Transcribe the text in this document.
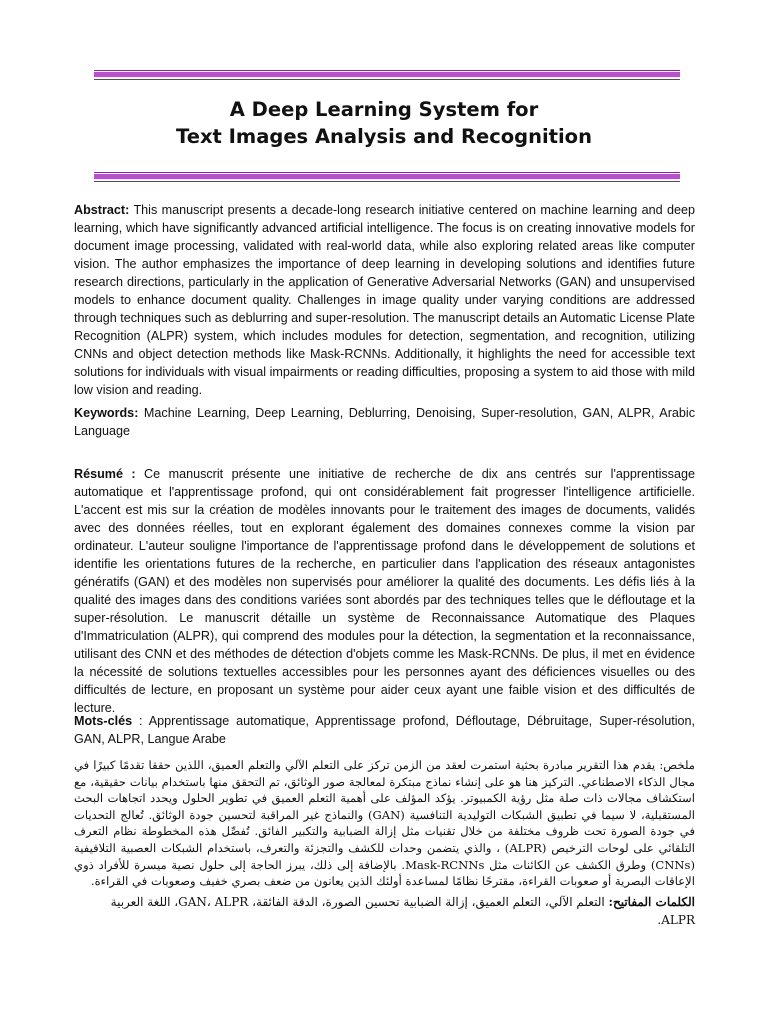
A Deep Learning System for
Text Images Analysis and Recognition

Abstract: This manuscript presents a decade-long research initiative centered on machine learning and deep learning, which have significantly advanced artificial intelligence. The focus is on creating innovative models for document image processing, validated with real-world data, while also exploring related areas like computer vision. The author emphasizes the importance of deep learning in developing solutions and identifies future research directions, particularly in the application of Generative Adversarial Networks (GAN) and unsupervised models to enhance document quality. Challenges in image quality under varying conditions are addressed through techniques such as deblurring and super-resolution. The manuscript details an Automatic License Plate Recognition (ALPR) system, which includes modules for detection, segmentation, and recognition, utilizing CNNs and object detection methods like Mask-RCNNs. Additionally, it highlights the need for accessible text solutions for individuals with visual impairments or reading difficulties, proposing a system to aid those with mild low vision and reading.

Keywords: Machine Learning, Deep Learning, Deblurring, Denoising, Super-resolution, GAN, ALPR, Arabic Language

Résumé : Ce manuscrit présente une initiative de recherche de dix ans centrés sur l'apprentissage automatique et l'apprentissage profond, qui ont considérablement fait progresser l'intelligence artificielle. L'accent est mis sur la création de modèles innovants pour le traitement des images de documents, validés avec des données réelles, tout en explorant également des domaines connexes comme la vision par ordinateur. L'auteur souligne l'importance de l'apprentissage profond dans le développement de solutions et identifie les orientations futures de la recherche, en particulier dans l'application des réseaux antagonistes génératifs (GAN) et des modèles non supervisés pour améliorer la qualité des documents. Les défis liés à la qualité des images dans des conditions variées sont abordés par des techniques telles que le défloutage et la super-résolution. Le manuscrit détaille un système de Reconnaissance Automatique des Plaques d'Immatriculation (ALPR), qui comprend des modules pour la détection, la segmentation et la reconnaissance, utilisant des CNN et des méthodes de détection d'objets comme les Mask-RCNNs. De plus, il met en évidence la nécessité de solutions textuelles accessibles pour les personnes ayant des déficiences visuelles ou des difficultés de lecture, en proposant un système pour aider ceux ayant une faible vision et des difficultés de lecture.

Mots-clés : Apprentissage automatique, Apprentissage profond, Défloutage, Débruitage, Super-résolution, GAN, ALPR, Langue Arabe

ملخص: يقدم هذا التقرير مبادرة بحثية استمرت لعقد من الزمن تركز على التعلم الآلي والتعلم العميق، اللذين حققا تقدمًا كبيرًا في مجال الذكاء الاصطناعي. التركيز هنا هو على إنشاء نماذج مبتكرة لمعالجة صور الوثائق، تم التحقق منها باستخدام بيانات حقيقية، مع استكشاف مجالات ذات صلة مثل رؤية الكمبيوتر. يؤكد المؤلف على أهمية التعلم العميق في تطوير الحلول ويحدد اتجاهات البحث المستقبلية، لا سيما في تطبيق الشبكات التوليدية التنافسية (GAN) والنماذج غير المراقبة لتحسين جودة الوثائق. تُعالج التحديات في جودة الصورة تحت ظروف مختلفة من خلال تقنيات مثل إزالة الضبابية والتكبير الفائق. تُفصِّل هذه المخطوطة نظام التعرف التلقائي على لوحات الترخيص (ALPR) ، والذي يتضمن وحدات للكشف والتجزئة والتعرف، باستخدام الشبكات العصبية التلافيفية (CNNs) وطرق الكشف عن الكائنات مثل Mask-RCNNs. بالإضافة إلى ذلك، يبرز الحاجة إلى حلول نصية ميسرة للأفراد ذوي الإعاقات البصرية أو صعوبات القراءة، مقترحًا نظامًا لمساعدة أولئك الذين يعانون من ضعف بصري خفيف وصعوبات في القراءة.

الكلمات المفاتيح: التعلم الآلي، التعلم العميق، إزالة الضبابية تحسين الصورة، الدقة الفائقة، GAN، ALPR، اللغة العربية ALPR.
